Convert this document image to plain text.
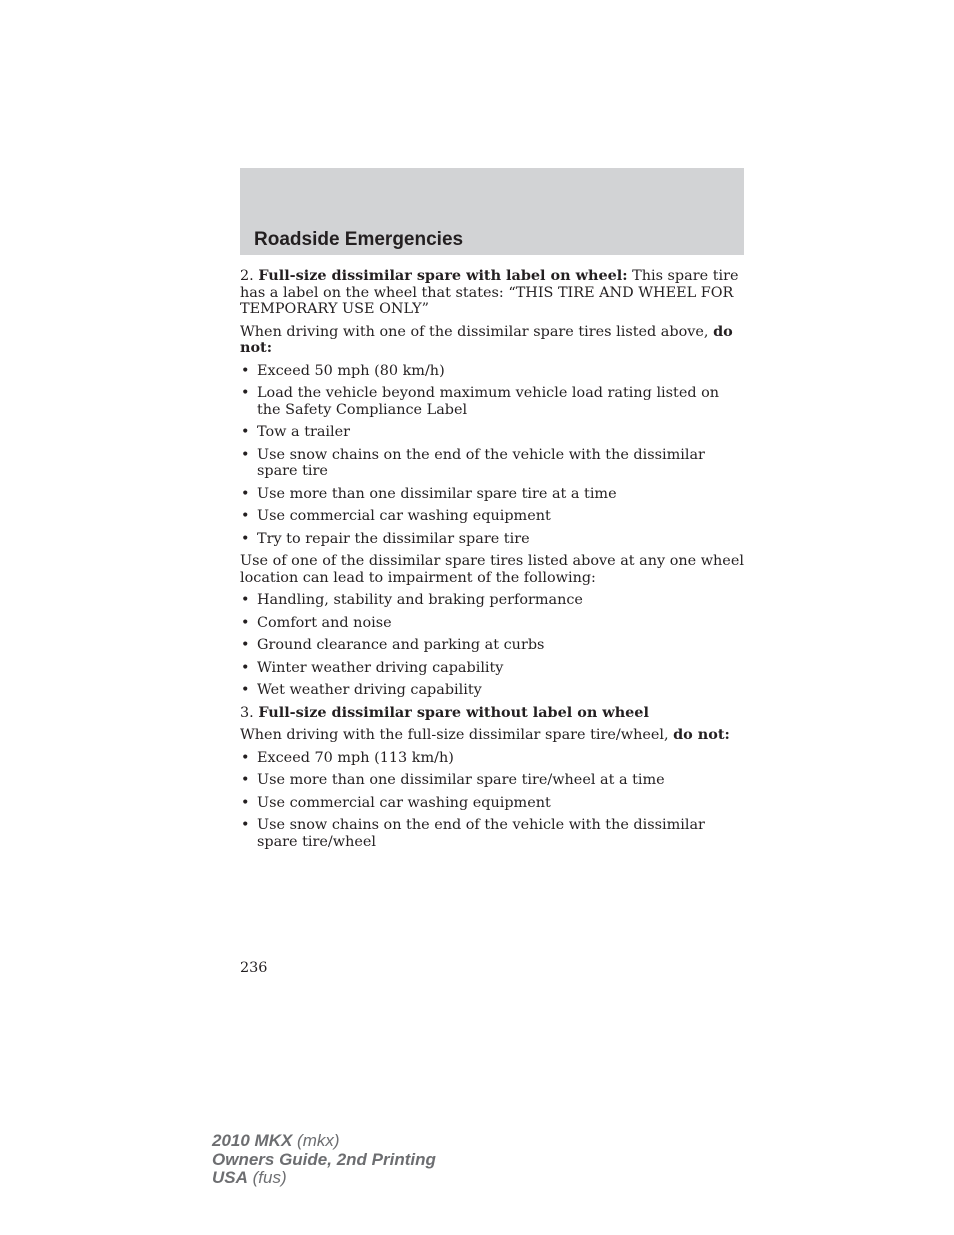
Roadside Emergencies

2. Full-size dissimilar spare with label on wheel: This spare tire has a label on the wheel that states: “THIS TIRE AND WHEEL FOR TEMPORARY USE ONLY”

When driving with one of the dissimilar spare tires listed above, do not:

• Exceed 50 mph (80 km/h)
• Load the vehicle beyond maximum vehicle load rating listed on the Safety Compliance Label
• Tow a trailer
• Use snow chains on the end of the vehicle with the dissimilar spare tire
• Use more than one dissimilar spare tire at a time
• Use commercial car washing equipment
• Try to repair the dissimilar spare tire

Use of one of the dissimilar spare tires listed above at any one wheel location can lead to impairment of the following:

• Handling, stability and braking performance
• Comfort and noise
• Ground clearance and parking at curbs
• Winter weather driving capability
• Wet weather driving capability

3. Full-size dissimilar spare without label on wheel

When driving with the full-size dissimilar spare tire/wheel, do not:

• Exceed 70 mph (113 km/h)
• Use more than one dissimilar spare tire/wheel at a time
• Use commercial car washing equipment
• Use snow chains on the end of the vehicle with the dissimilar spare tire/wheel
236
2010 MKX (mkx)
Owners Guide, 2nd Printing
USA (fus)
